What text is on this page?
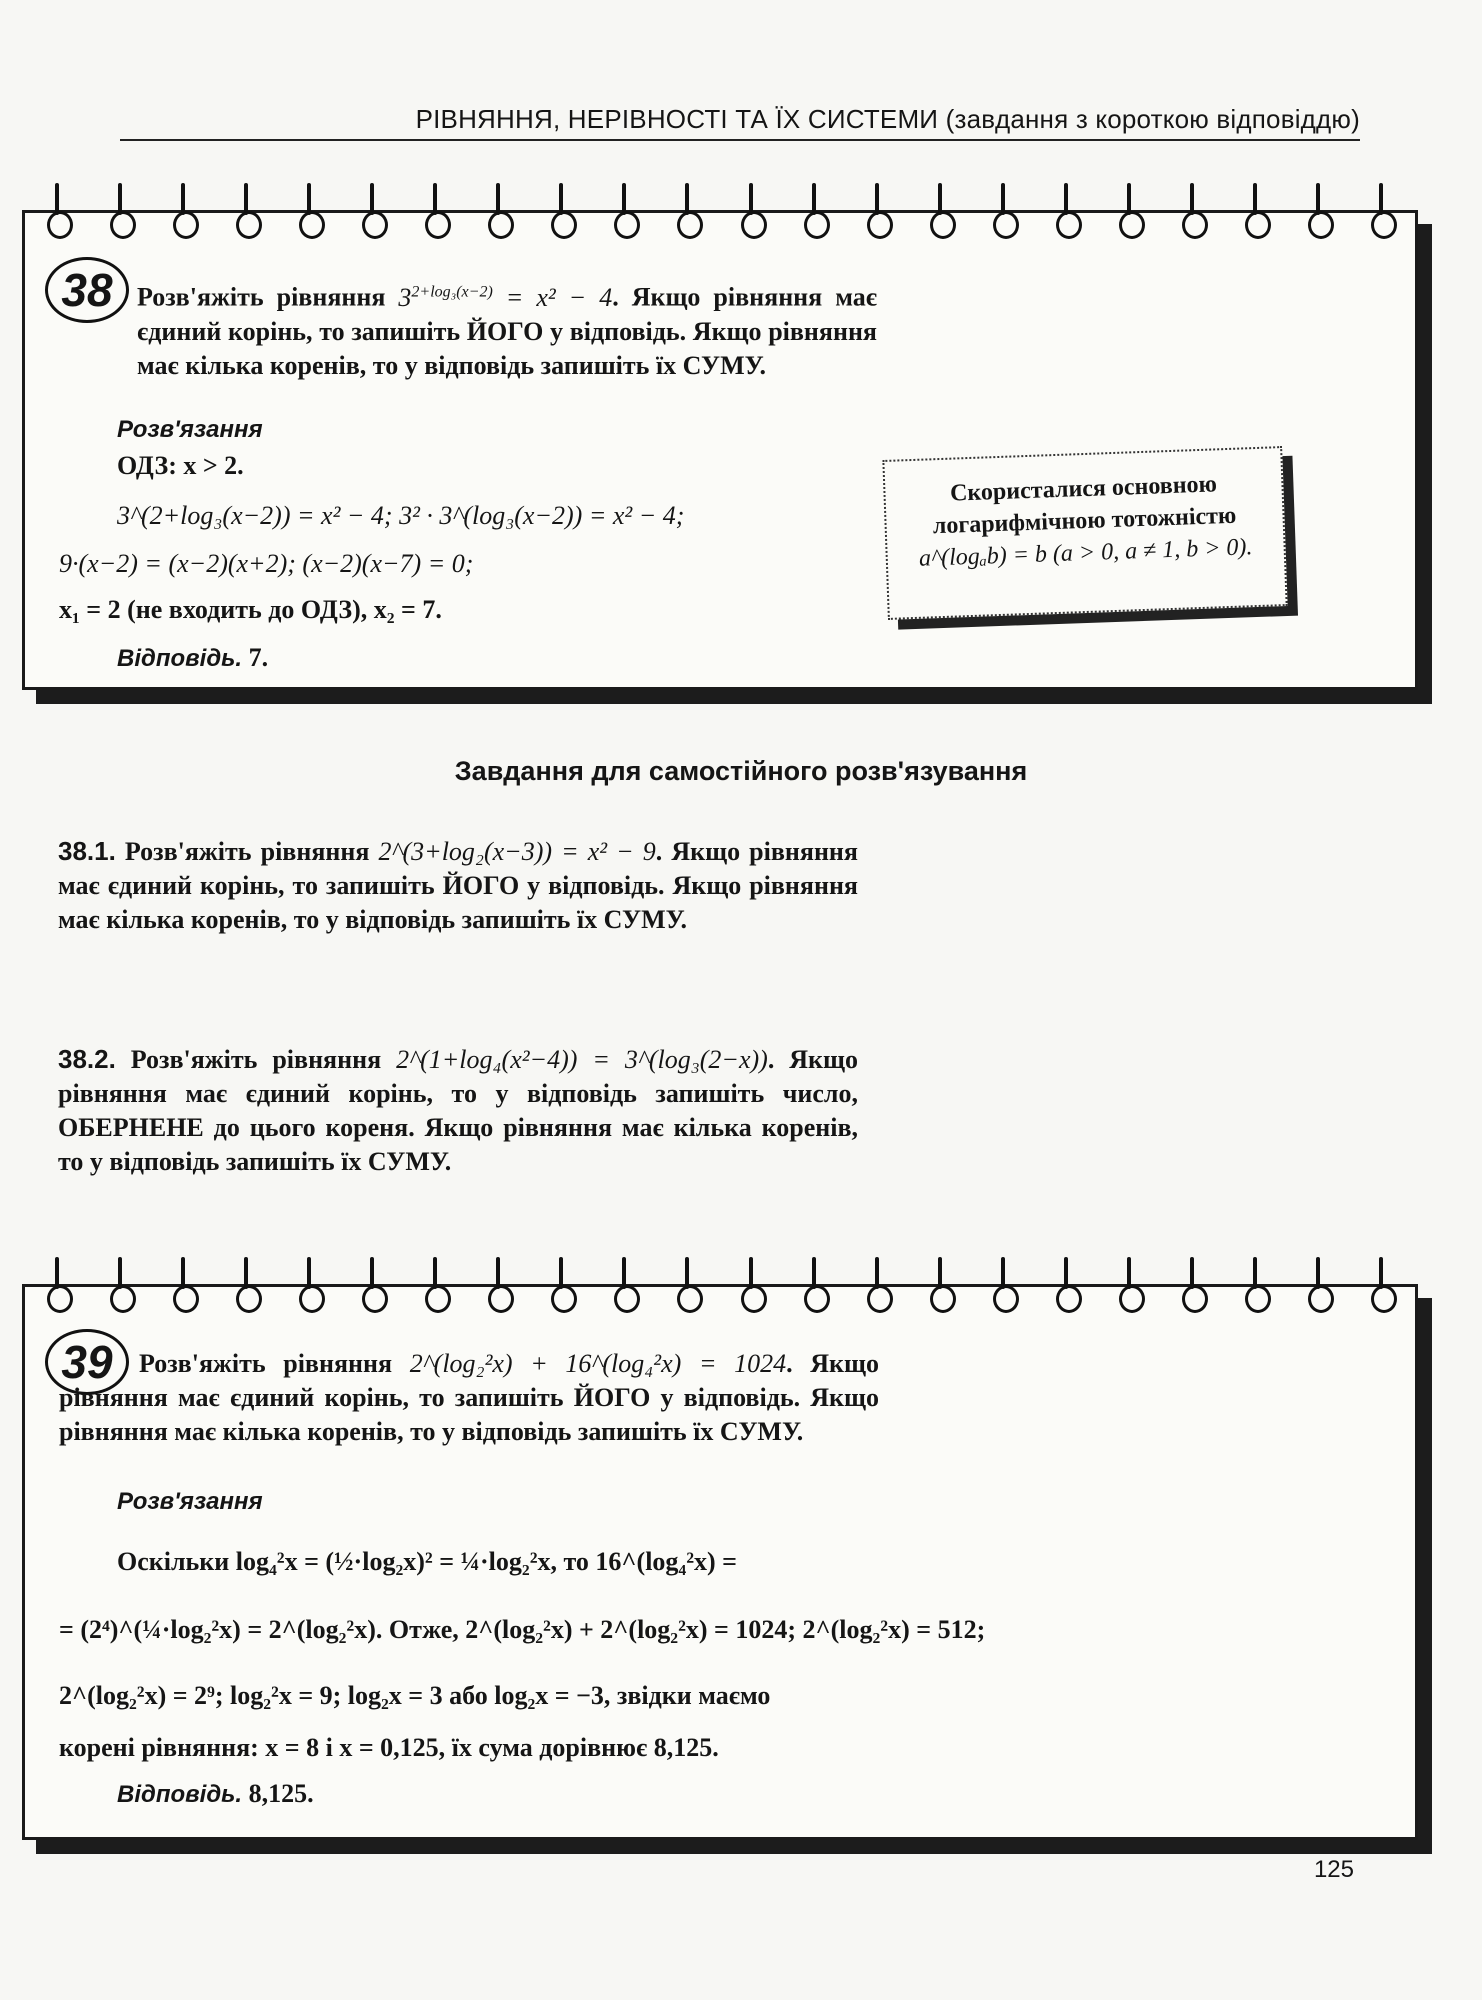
РІВНЯННЯ, НЕРІВНОСТІ ТА ЇХ СИСТЕМИ (завдання з короткою відповіддю)
38 Розв'яжіть рівняння $3^{2+log_3(x-2)} = x^2 - 4$. Якщо рівняння має єдиний корінь, то запишіть ЙОГО у відповідь. Якщо рівняння має кілька коренів, то у відповідь запишіть їх СУМУ.
Розв'язання
ОДЗ: x > 2.
3^(2+log₃(x−2)) = x² − 4; 3² · 3^(log₃(x−2)) = x² − 4;
9·(x−2) = (x−2)(x+2); (x−2)(x−7) = 0;
x₁ = 2 (не входить до ОДЗ), x₂ = 7.
Відповідь. 7.
Скористалися основною
логарифмічною тотожністю
a^(logₐb) = b (a > 0, a ≠ 1, b > 0).
Завдання для самостійного розв'язування
38.1. Розв'яжіть рівняння 2^(3+log₂(x−3)) = x² − 9. Якщо рівняння має єдиний корінь, то запишіть ЙОГО у відповідь. Якщо рівняння має кілька коренів, то у відповідь запишіть їх СУМУ.
38.2. Розв'яжіть рівняння 2^(1+log₄(x²−4)) = 3^(log₃(2−x)). Якщо рівняння має єдиний корінь, то у відповідь запишіть число, ОБЕРНЕНЕ до цього кореня. Якщо рівняння має кілька коренів, то у відповідь запишіть їх СУМУ.
39	Розв'яжіть рівняння 2^(log₂²x) + 16^(log₄²x) = 1024. Якщо рівняння має єдиний корінь, то запишіть ЙОГО у відповідь. Якщо рівняння має кілька коренів, то у відповідь запишіть їх СУМУ.
Розв'язання
Оскільки log₄²x = (½·log₂x)² = ¼·log₂²x, то 16^(log₄²x) =
= (2⁴)^(¼·log₂²x) = 2^(log₂²x). Отже, 2^(log₂²x) + 2^(log₂²x) = 1024; 2^(log₂²x) = 512;
2^(log₂²x) = 2⁹; log₂²x = 9; log₂x = 3 або log₂x = −3, звідки маємо
корені рівняння: x = 8 і x = 0,125, їх сума дорівнює 8,125.
Відповідь. 8,125.
125
